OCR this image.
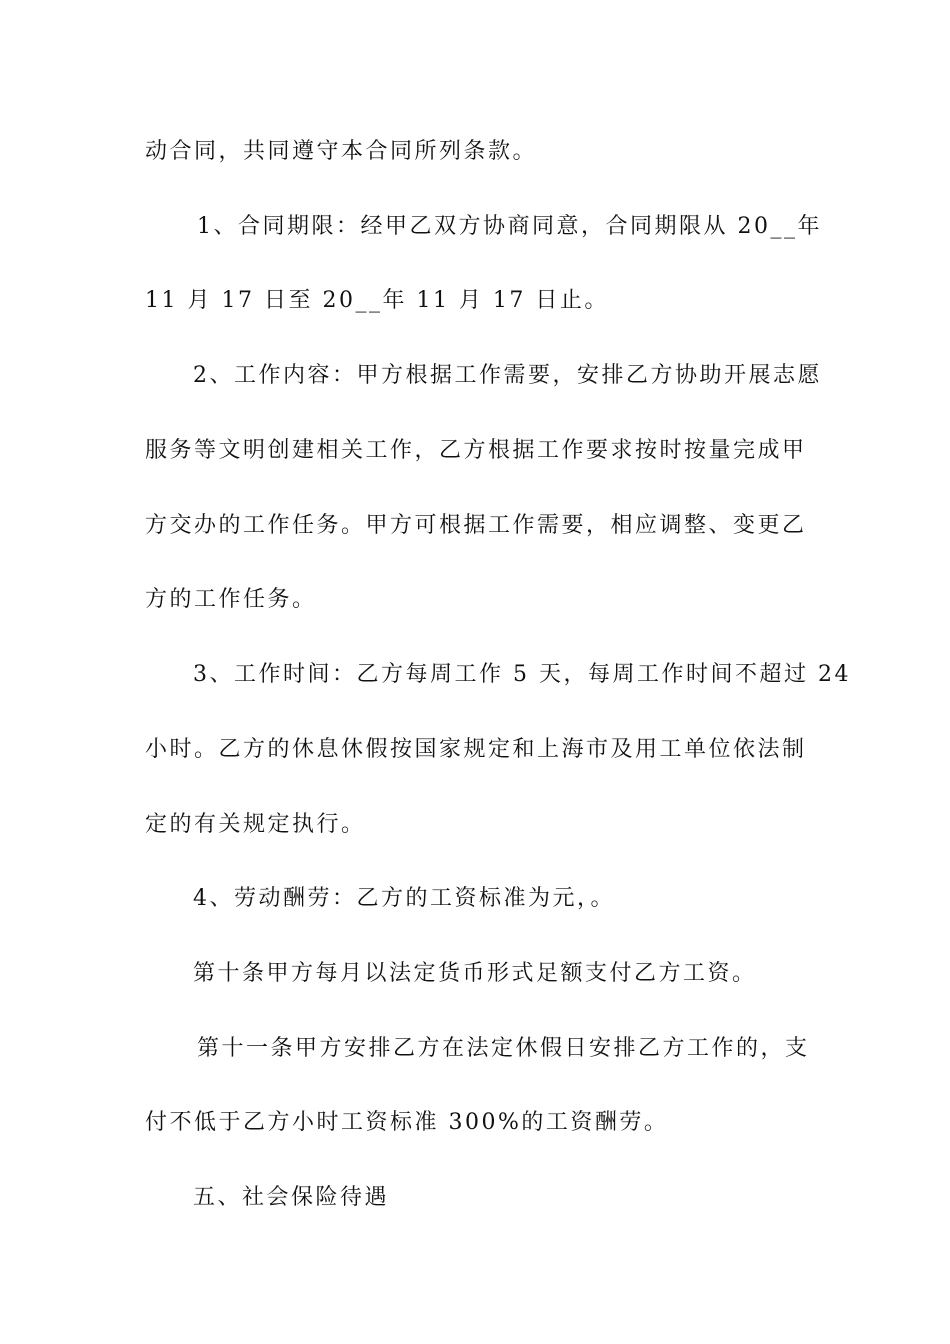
动合同，共同遵守本合同所列条款。
1、合同期限：经甲乙双方协商同意，合同期限从 20__年
11 月 17 日至 20__年 11 月 17 日止。
2、工作内容：甲方根据工作需要，安排乙方协助开展志愿
服务等文明创建相关工作，乙方根据工作要求按时按量完成甲
方交办的工作任务。甲方可根据工作需要，相应调整、变更乙
方的工作任务。
3、工作时间：乙方每周工作 5 天，每周工作时间不超过 24
小时。乙方的休息休假按国家规定和上海市及用工单位依法制
定的有关规定执行。
4、劳动酬劳：乙方的工资标准为元，。
第十条甲方每月以法定货币形式足额支付乙方工资。
第十一条甲方安排乙方在法定休假日安排乙方工作的，支
付不低于乙方小时工资标准 300%的工资酬劳。
五、社会保险待遇
